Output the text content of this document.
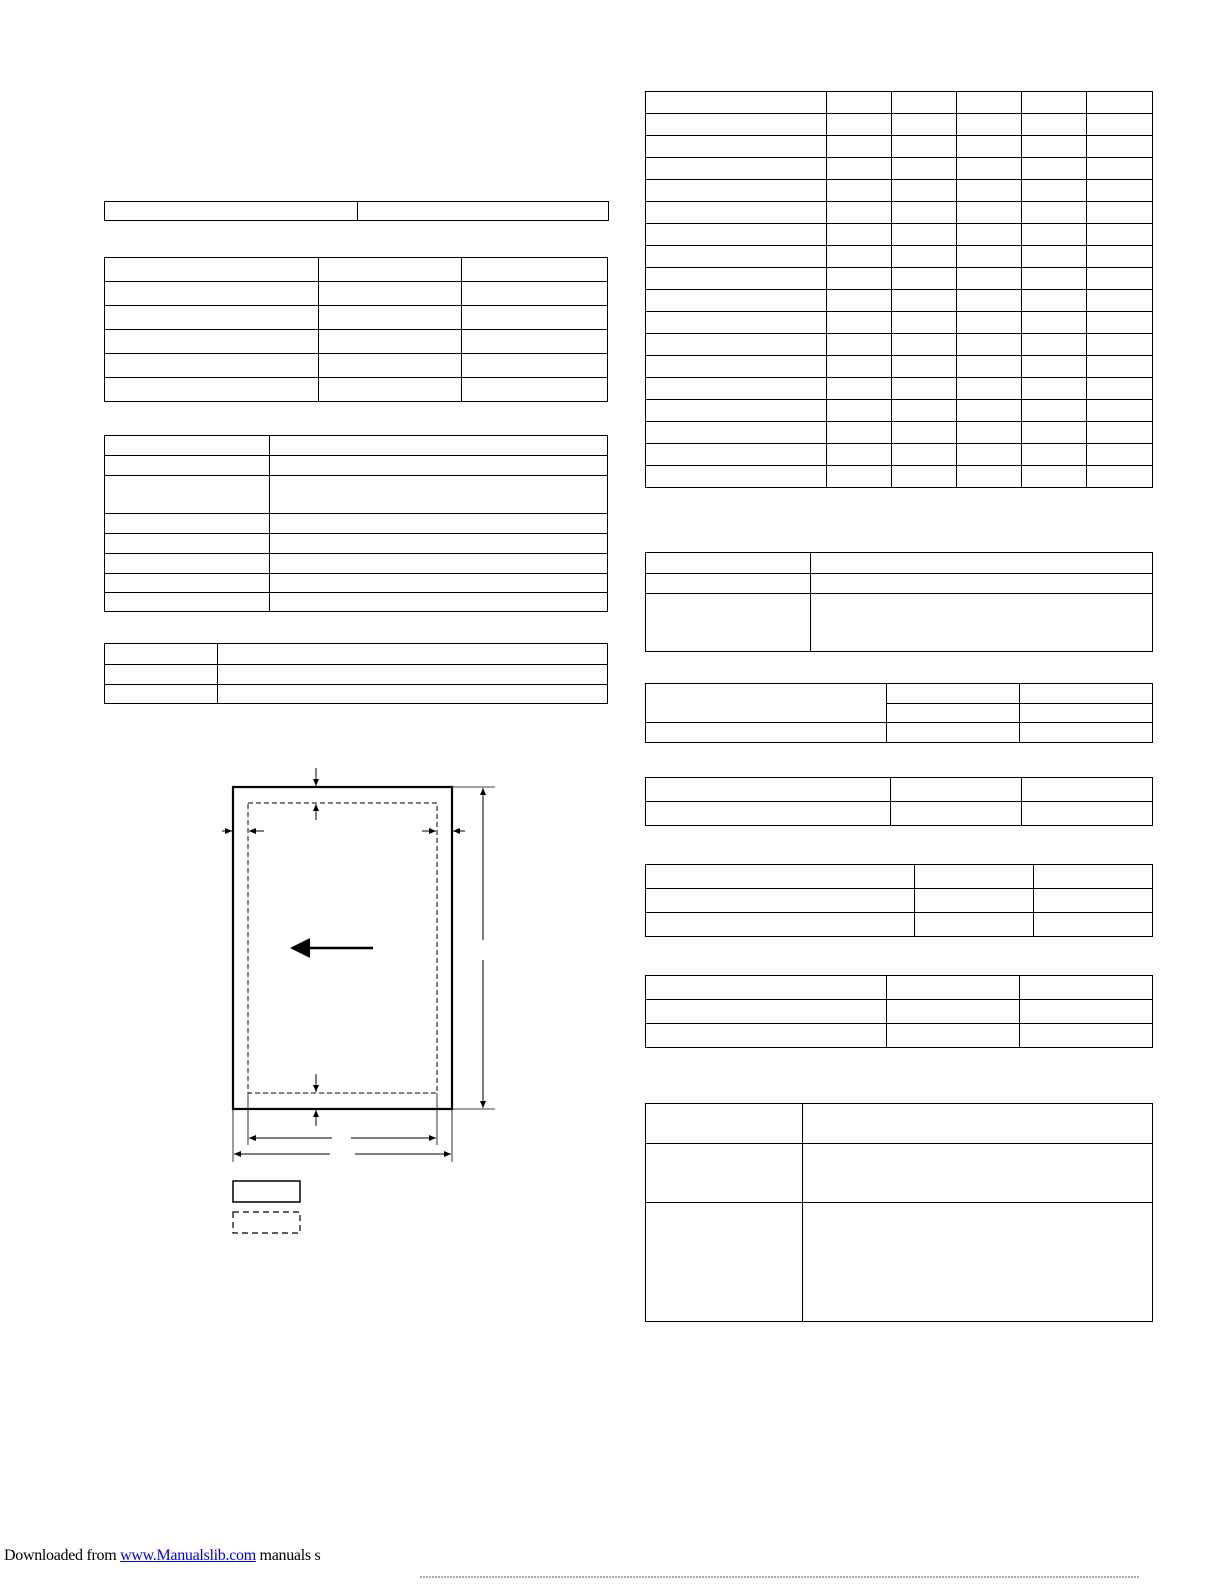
Downloaded from www.Manualslib.com manuals s
